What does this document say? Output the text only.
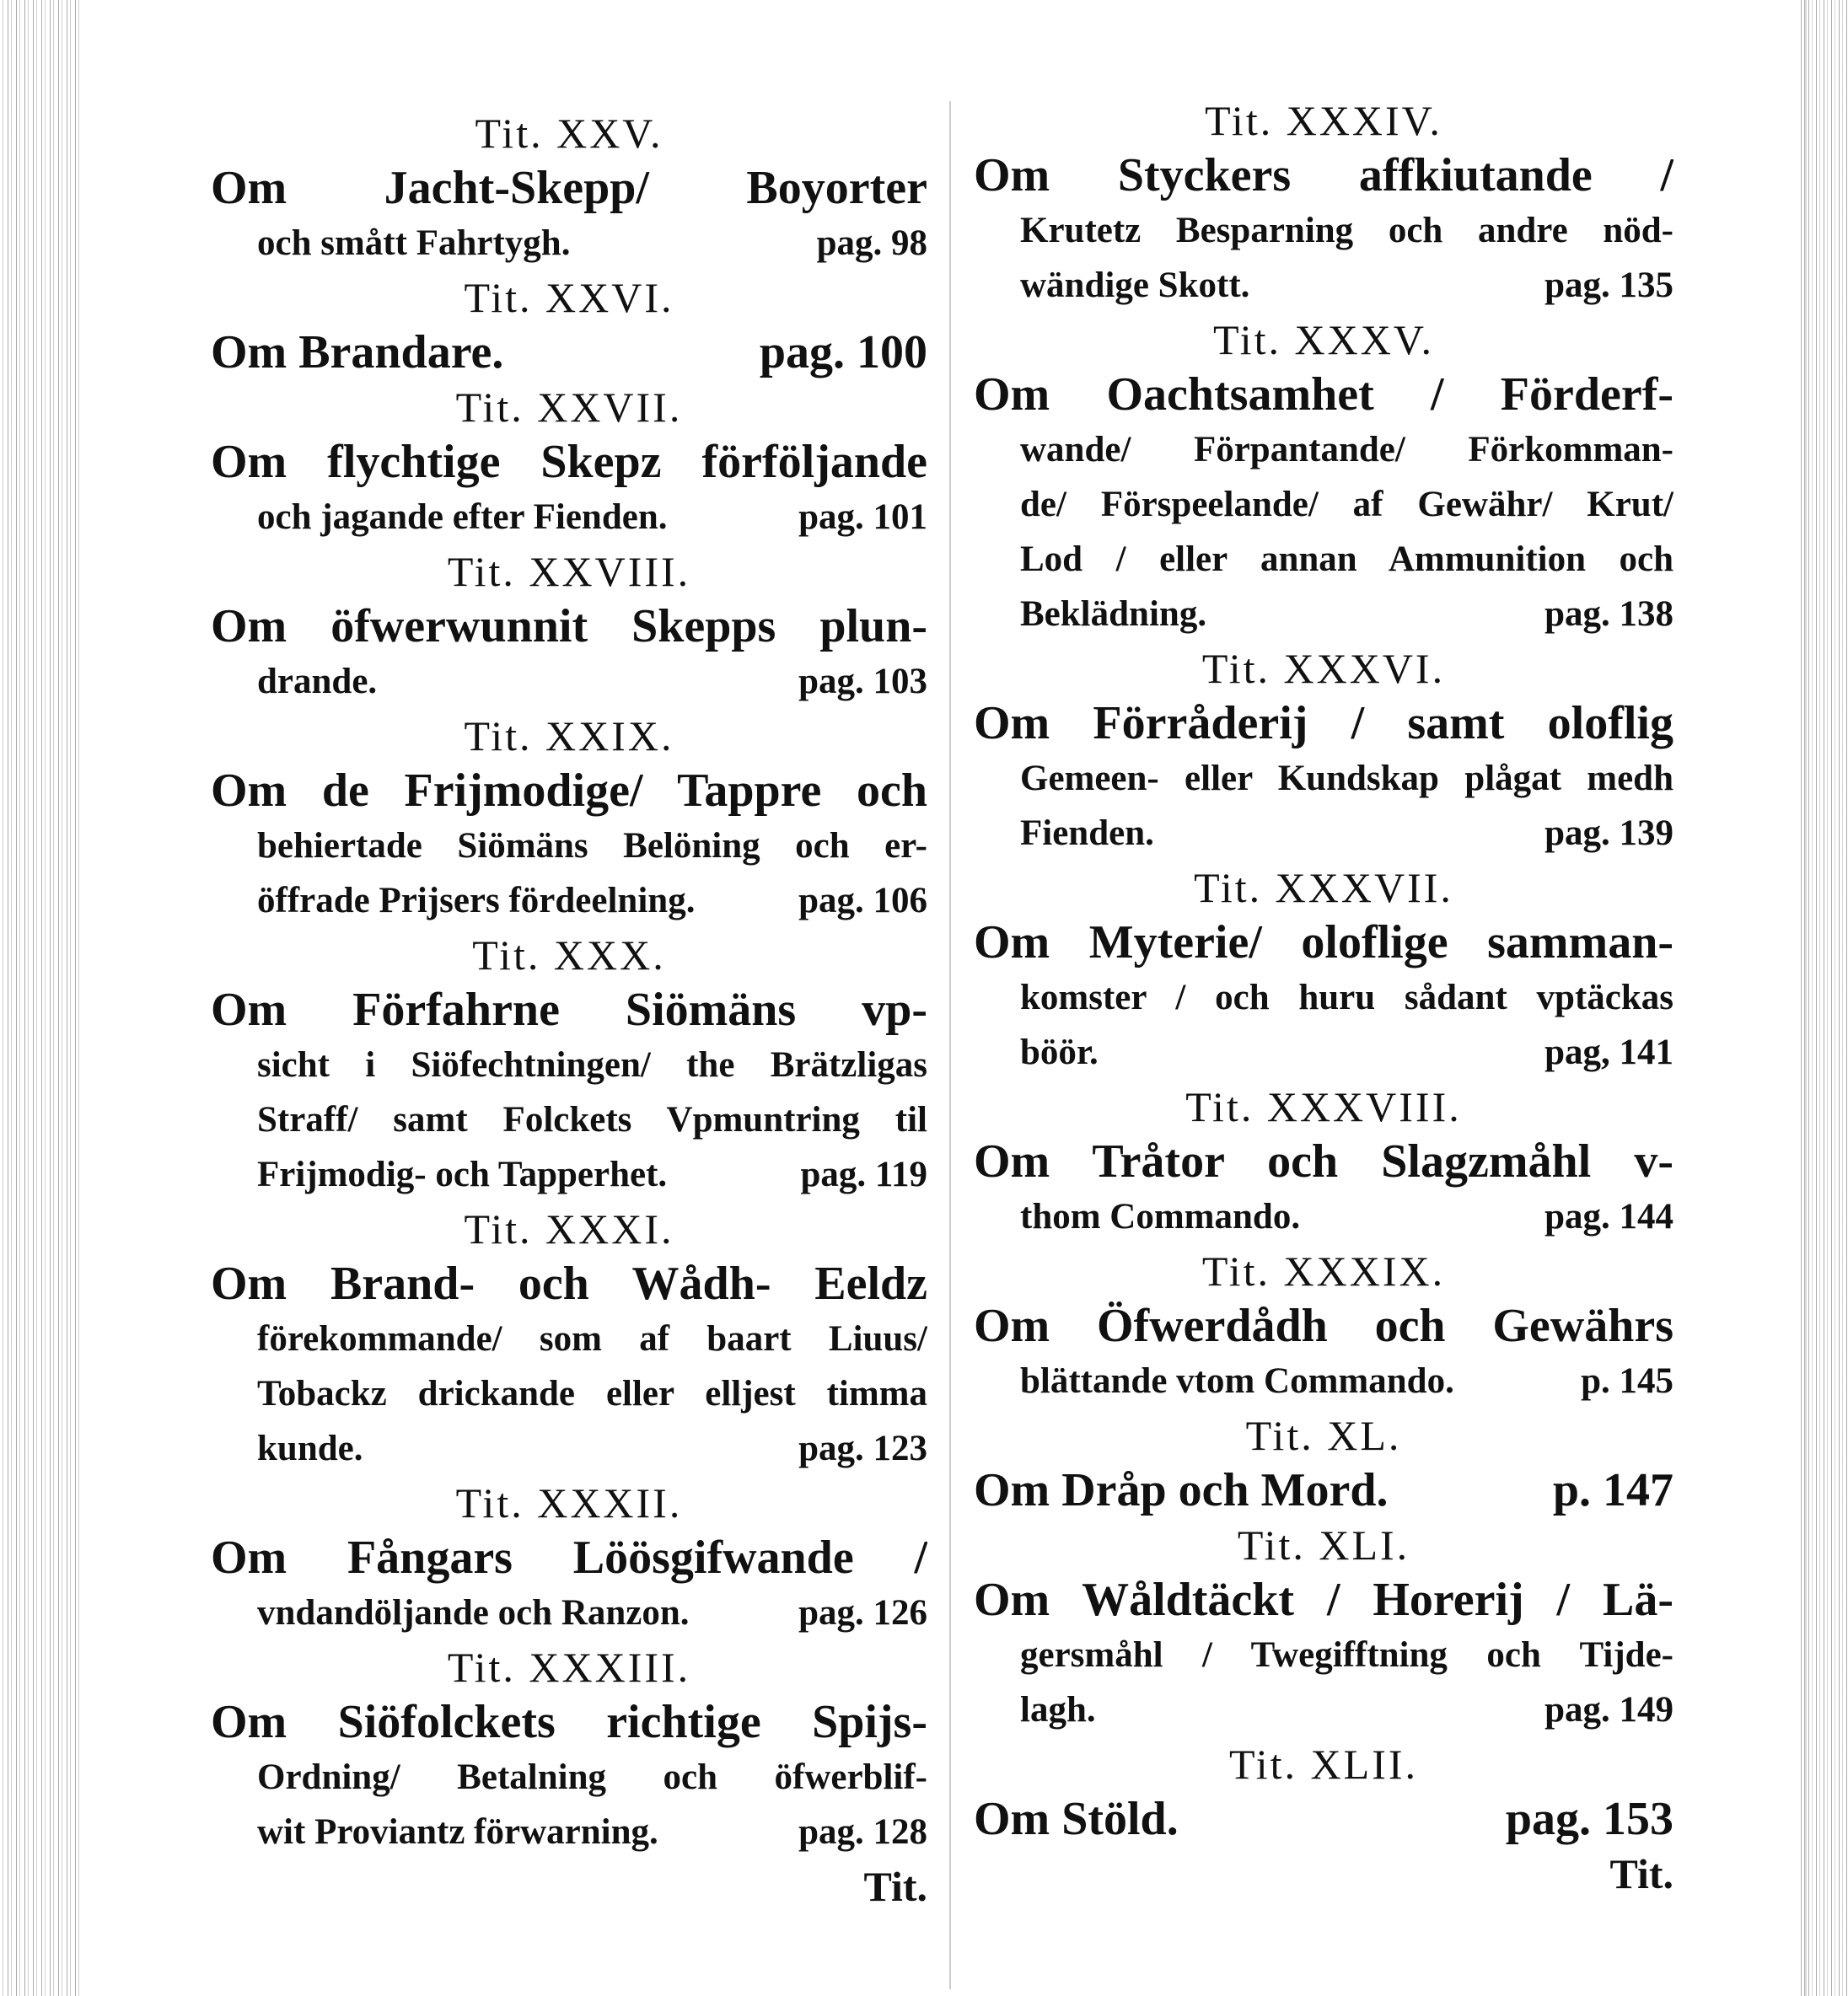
Tit. XXV.
Om Jacht-Skepp/ Boyorter
och smått Fahrtygh.	pag. 98
Tit. XXVI.
Om Brandare.	pag. 100
Tit. XXVII.
Om flychtige Skepz förföljande
och jagande efter Fienden.	pag. 101
Tit. XXVIII.
Om öfwerwunnit Skepps plun-
drande.	pag. 103
Tit. XXIX.
Om de Frijmodige/ Tappre och
behiertade Siömäns Belöning och er-
öffrade Prijsers fördeelning.	pag. 106
Tit. XXX.
Om Förfahrne Siömäns vp-
sicht i Siöfechtningen/ the Brätzligas
Straff/ samt Folckets Vpmuntring til
Frijmodig- och Tapperhet.	pag. 119
Tit. XXXI.
Om Brand- och Wådh- Eeldz
förekommande/ som af baart Liuus/
Tobackz drickande eller elljest timma
kunde.	pag. 123
Tit. XXXII.
Om Fångars Löösgifwande /
vndandöljande och Ranzon.	pag. 126
Tit. XXXIII.
Om Siöfolckets richtige Spijs-
Ordning/ Betalning och öfwerblif-
wit Proviantz förwarning.	pag. 128
Tit.
Tit. XXXIV.
Om Styckers affkiutande /
Krutetz Besparning och andre nöd-
wändige Skott.	pag. 135
Tit. XXXV.
Om Oachtsamhet / Förderf-
wande/ Förpantande/ Förkomman-
de/ Förspeelande/ af Gewähr/ Krut/
Lod / eller annan Ammunition och
Beklädning.	pag. 138
Tit. XXXVI.
Om Förråderij / samt oloflig
Gemeen- eller Kundskap plågat medh
Fienden.	pag. 139
Tit. XXXVII.
Om Myterie/ oloflige samman-
komster / och huru sådant vptäckas
böör.	pag, 141
Tit. XXXVIII.
Om Tråtor och Slagzmåhl v-
thom Commando.	pag. 144
Tit. XXXIX.
Om Öfwerdådh och Gewährs
blättande vtom Commando.	p. 145
Tit. XL.
Om Dråp och Mord.	p. 147
Tit. XLI.
Om Wåldtäckt / Horerij / Lä-
gersmåhl / Twegifftning och Tijde-
lagh.	pag. 149
Tit. XLII.
Om Stöld.	pag. 153
Tit.
